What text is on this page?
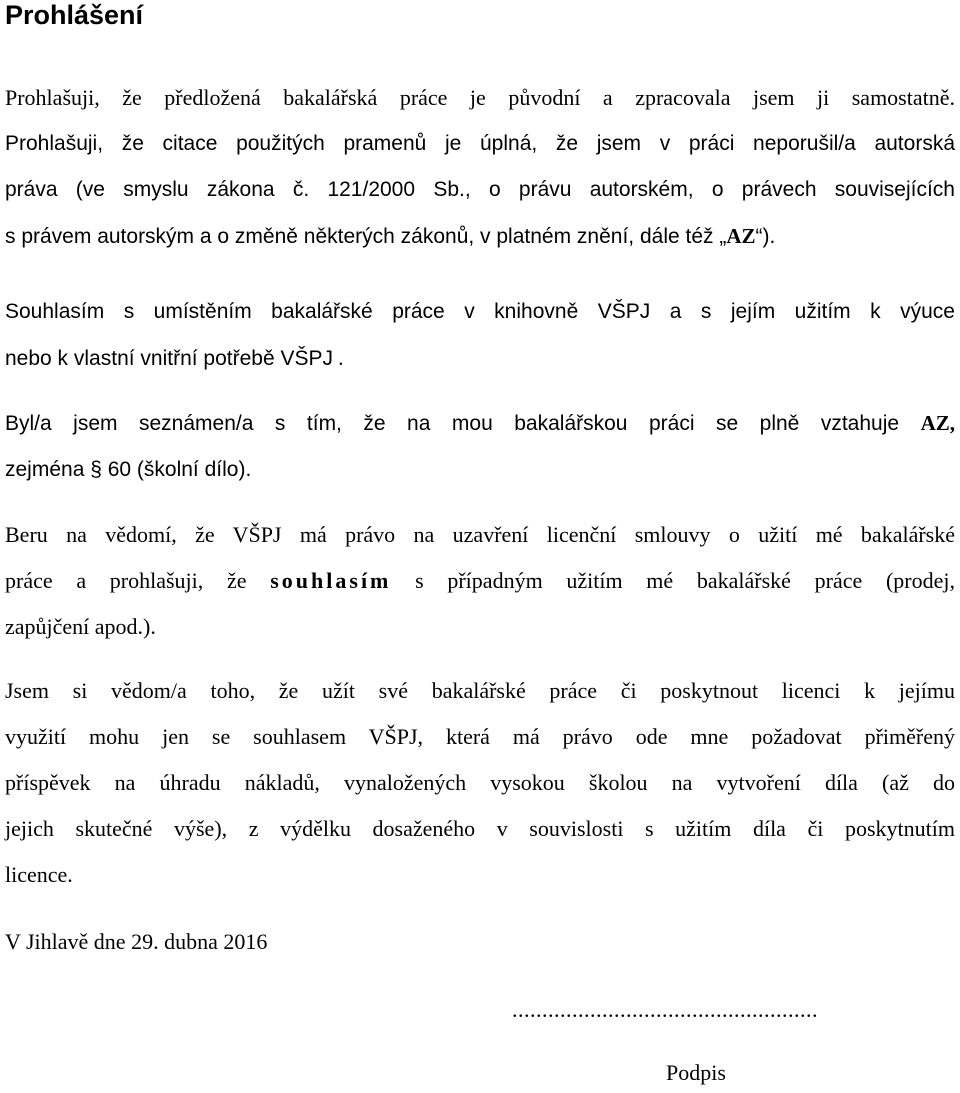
Prohlášení
Prohlašuji, že předložená bakalářská práce je původní a zpracovala jsem ji samostatně.
Prohlašuji, že citace použitých pramenů je úplná, že jsem v práci neporušil/a autorská
práva (ve smyslu zákona č. 121/2000 Sb., o právu autorském, o právech souvisejících
s právem autorským a o změně některých zákonů, v platném znění, dále též „AZ“).
Souhlasím s umístěním bakalářské práce v knihovně VŠPJ a s jejím užitím k výuce
nebo k vlastní vnitřní potřebě VŠPJ .
Byl/a jsem seznámen/a s tím, že na mou bakalářskou práci se plně vztahuje AZ,
zejména § 60 (školní dílo).
Beru na vědomí, že VŠPJ má právo na uzavření licenční smlouvy o užití mé bakalářské
práce a prohlašuji, že souhlasím s případným užitím mé bakalářské práce (prodej,
zapůjčení apod.).
Jsem si vědom/a toho, že užít své bakalářské práce či poskytnout licenci k jejímu
využití mohu jen se souhlasem VŠPJ, která má právo ode mne požadovat přiměřený
příspěvek na úhradu nákladů, vynaložených vysokou školou na vytvoření díla (až do
jejich skutečné výše), z výdělku dosaženého v souvislosti s užitím díla či poskytnutím
licence.

V Jihlavě dne 29. dubna 2016

...................................................
Podpis
